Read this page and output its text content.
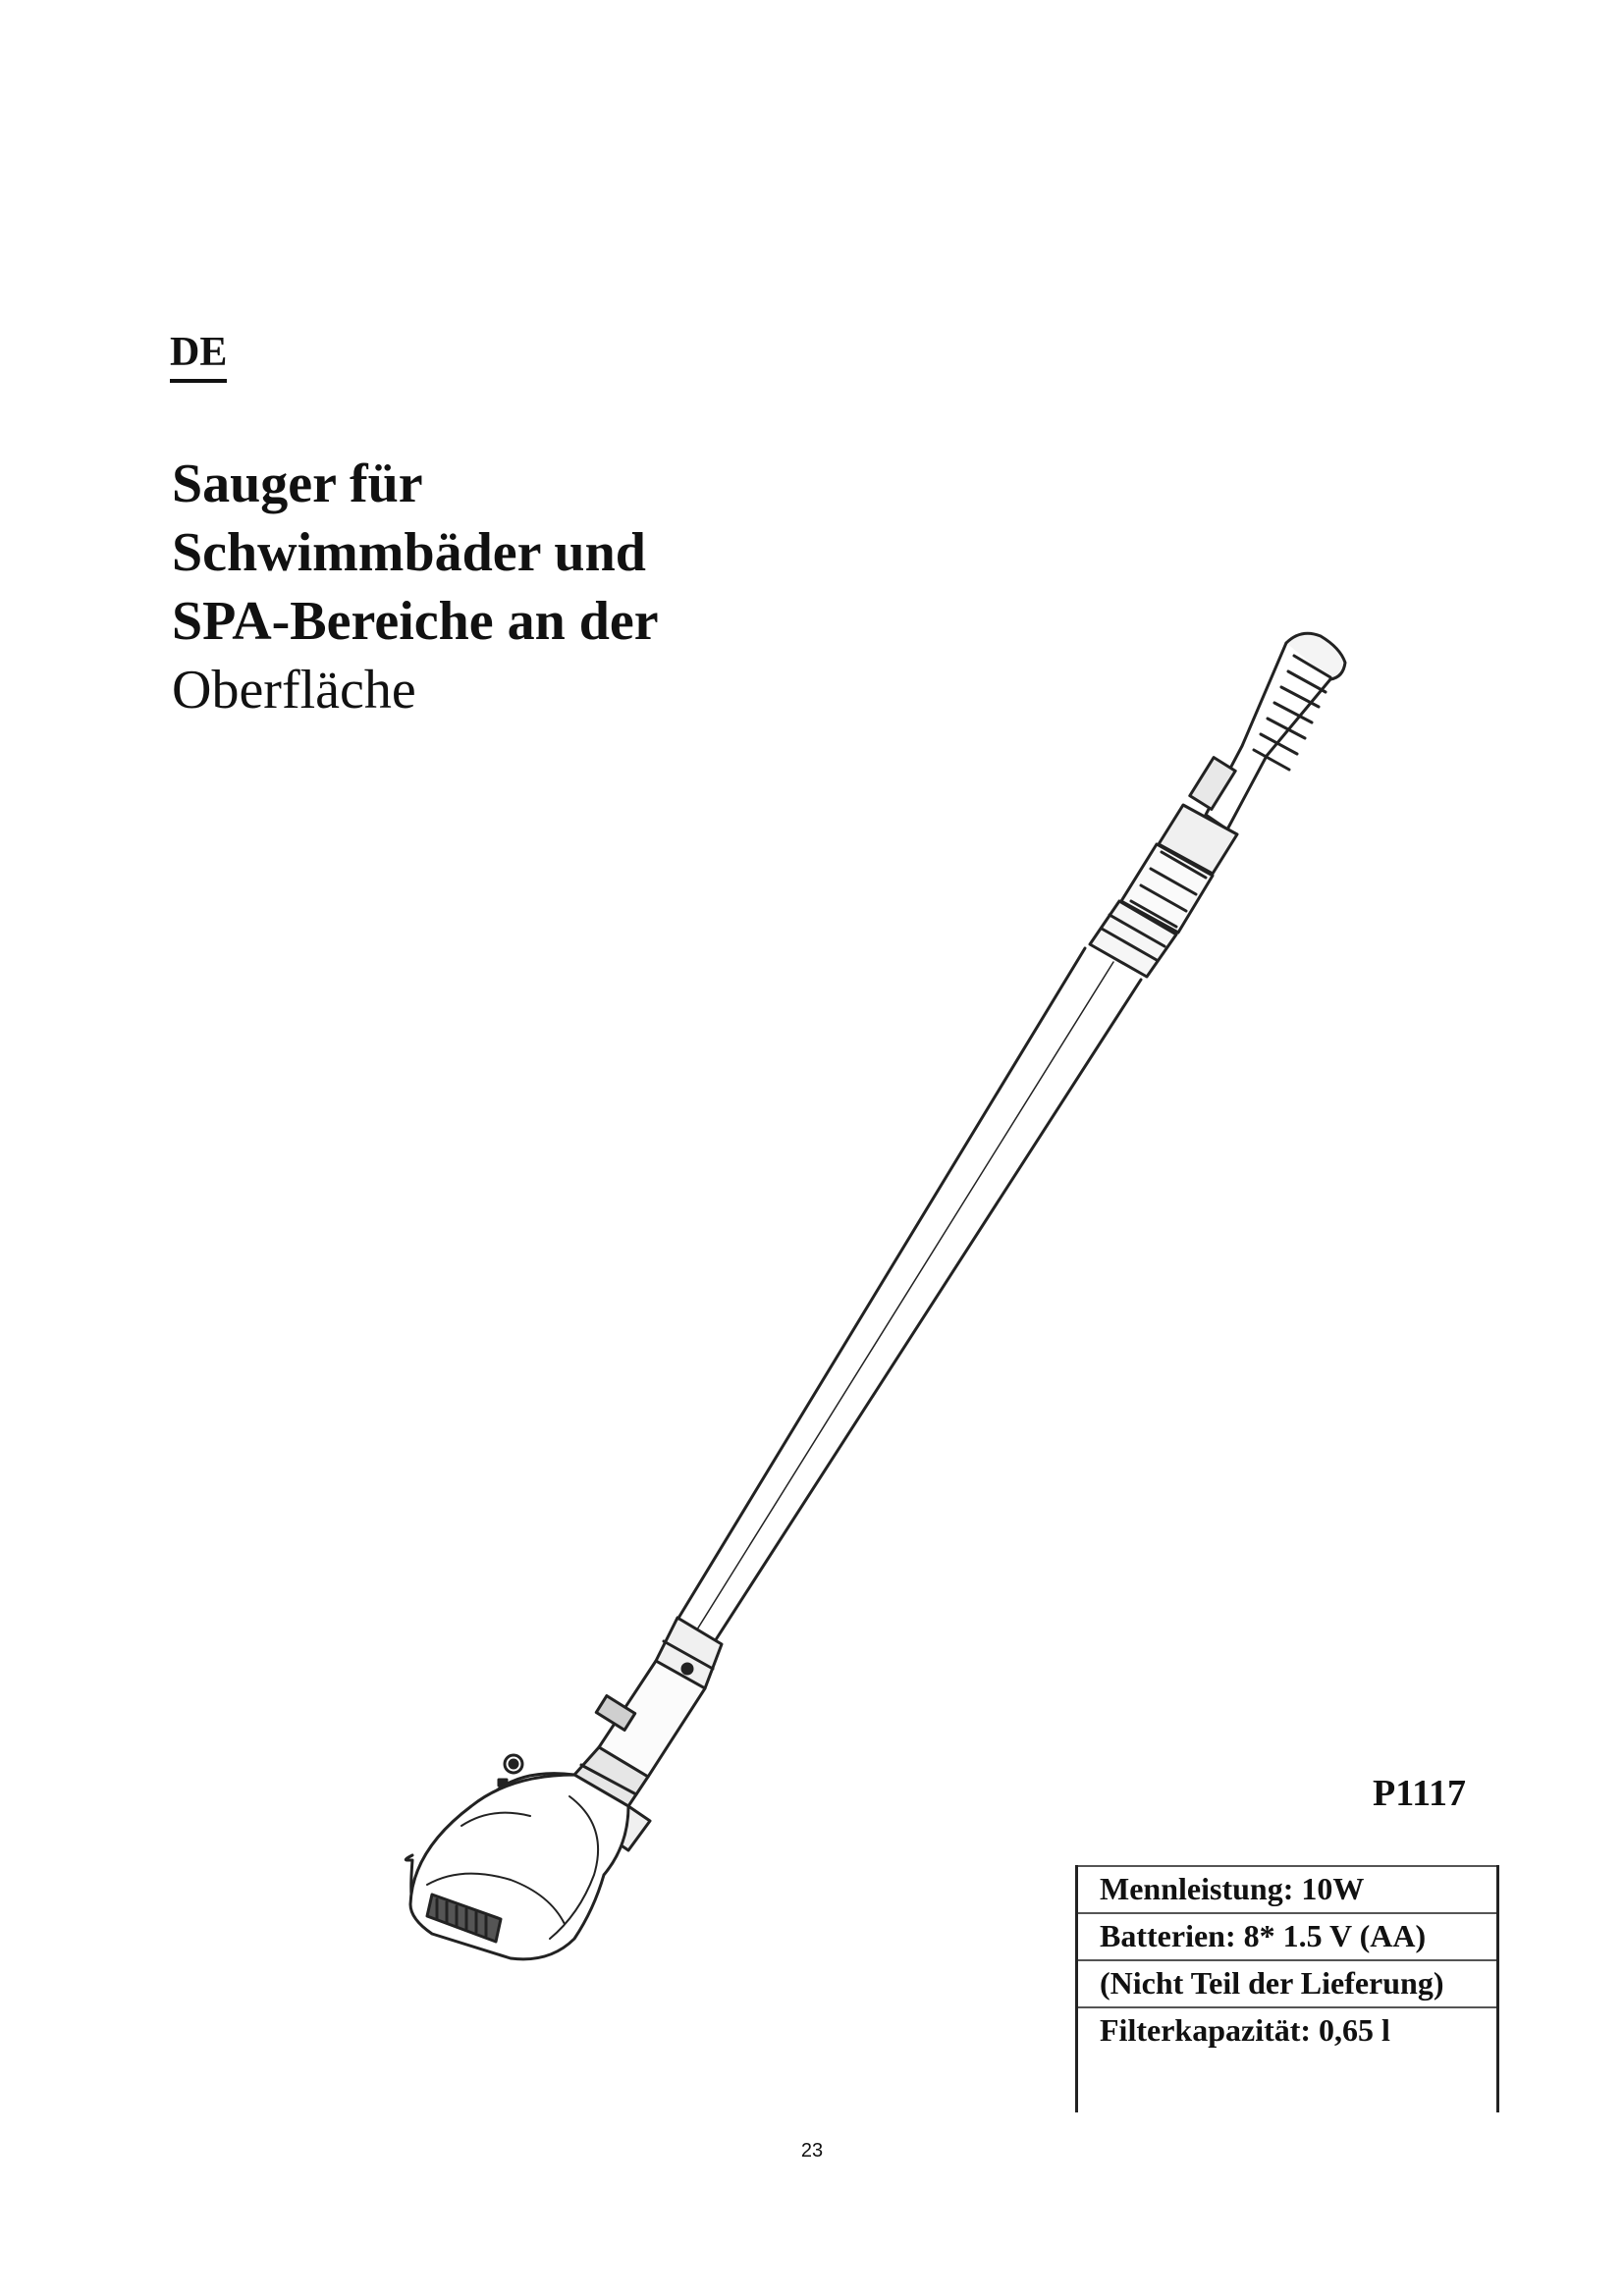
DE
Sauger für
Schwimmbäder und
SPA-Bereiche an der
Oberfläche
P1117
Mennleistung: 10W
Batterien: 8* 1.5 V (AA)
(Nicht Teil der Lieferung)
Filterkapazität: 0,65 l

23
